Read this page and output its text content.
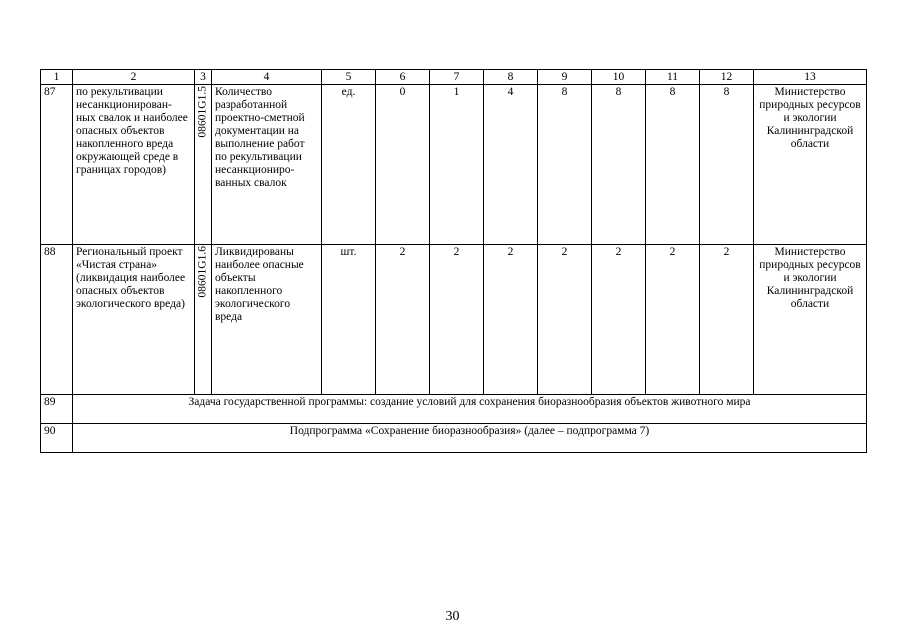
1	2	3	4	5	6	7	8	9	10	11	12	13
87	по рекультивации несанкционирован-ных свалок и наиболее опасных объектов накопленного вреда окружающей среде в границах городов)	08601G1.5	Количество разработанной проектно-сметной документации на выполнение работ по рекультивации несанкциониро-ванных свалок	ед.	0	1	4	8	8	8	8	Министерство природных ресурсов и экологии Калининградской области
88	Региональный проект «Чистая страна» (ликвидация наиболее опасных объектов экологического вреда)	08601G1.6	Ликвидированы наиболее опасные объекты накопленного экологического вреда	шт.	2	2	2	2	2	2	2	Министерство природных ресурсов и экологии Калининградской области
89	Задача государственной программы: создание условий для сохранения биоразнообразия объектов животного мира											
90	Подпрограмма «Сохранение биоразнообразия» (далее – подпрограмма 7)											
30
